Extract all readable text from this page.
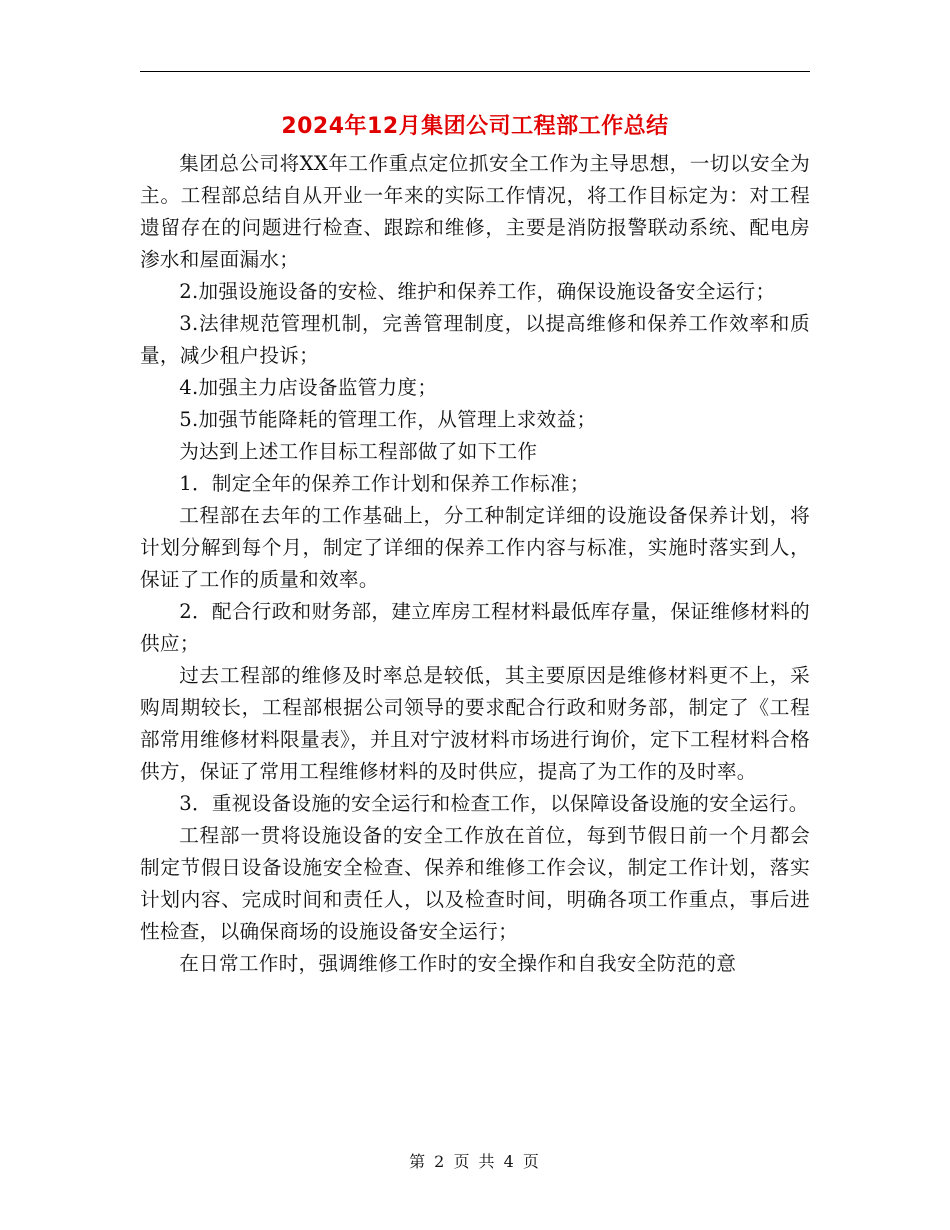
2024年12月集团公司工程部工作总结

集团总公司将XX年工作重点定位抓安全工作为主导思想，一切以安全为主。工程部总结自从开业一年来的实际工作情况，将工作目标定为：对工程遗留存在的问题进行检查、跟踪和维修，主要是消防报警联动系统、配电房渗水和屋面漏水；

2.加强设施设备的安检、维护和保养工作，确保设施设备安全运行；

3.法律规范管理机制，完善管理制度，以提高维修和保养工作效率和质量，减少租户投诉；

4.加强主力店设备监管力度；

5.加强节能降耗的管理工作，从管理上求效益；

为达到上述工作目标工程部做了如下工作

1．制定全年的保养工作计划和保养工作标准；

工程部在去年的工作基础上，分工种制定详细的设施设备保养计划，将计划分解到每个月，制定了详细的保养工作内容与标准，实施时落实到人，保证了工作的质量和效率。

2．配合行政和财务部，建立库房工程材料最低库存量，保证维修材料的供应；

过去工程部的维修及时率总是较低，其主要原因是维修材料更不上，采购周期较长，工程部根据公司领导的要求配合行政和财务部，制定了《工程部常用维修材料限量表》，并且对宁波材料市场进行询价，定下工程材料合格供方，保证了常用工程维修材料的及时供应，提高了为工作的及时率。

3．重视设备设施的安全运行和检查工作，以保障设备设施的安全运行。

工程部一贯将设施设备的安全工作放在首位，每到节假日前一个月都会制定节假日设备设施安全检查、保养和维修工作会议，制定工作计划，落实计划内容、完成时间和责任人，以及检查时间，明确各项工作重点，事后进性检查，以确保商场的设施设备安全运行；

在日常工作时，强调维修工作时的安全操作和自我安全防范的意

第 2 页 共 4 页
